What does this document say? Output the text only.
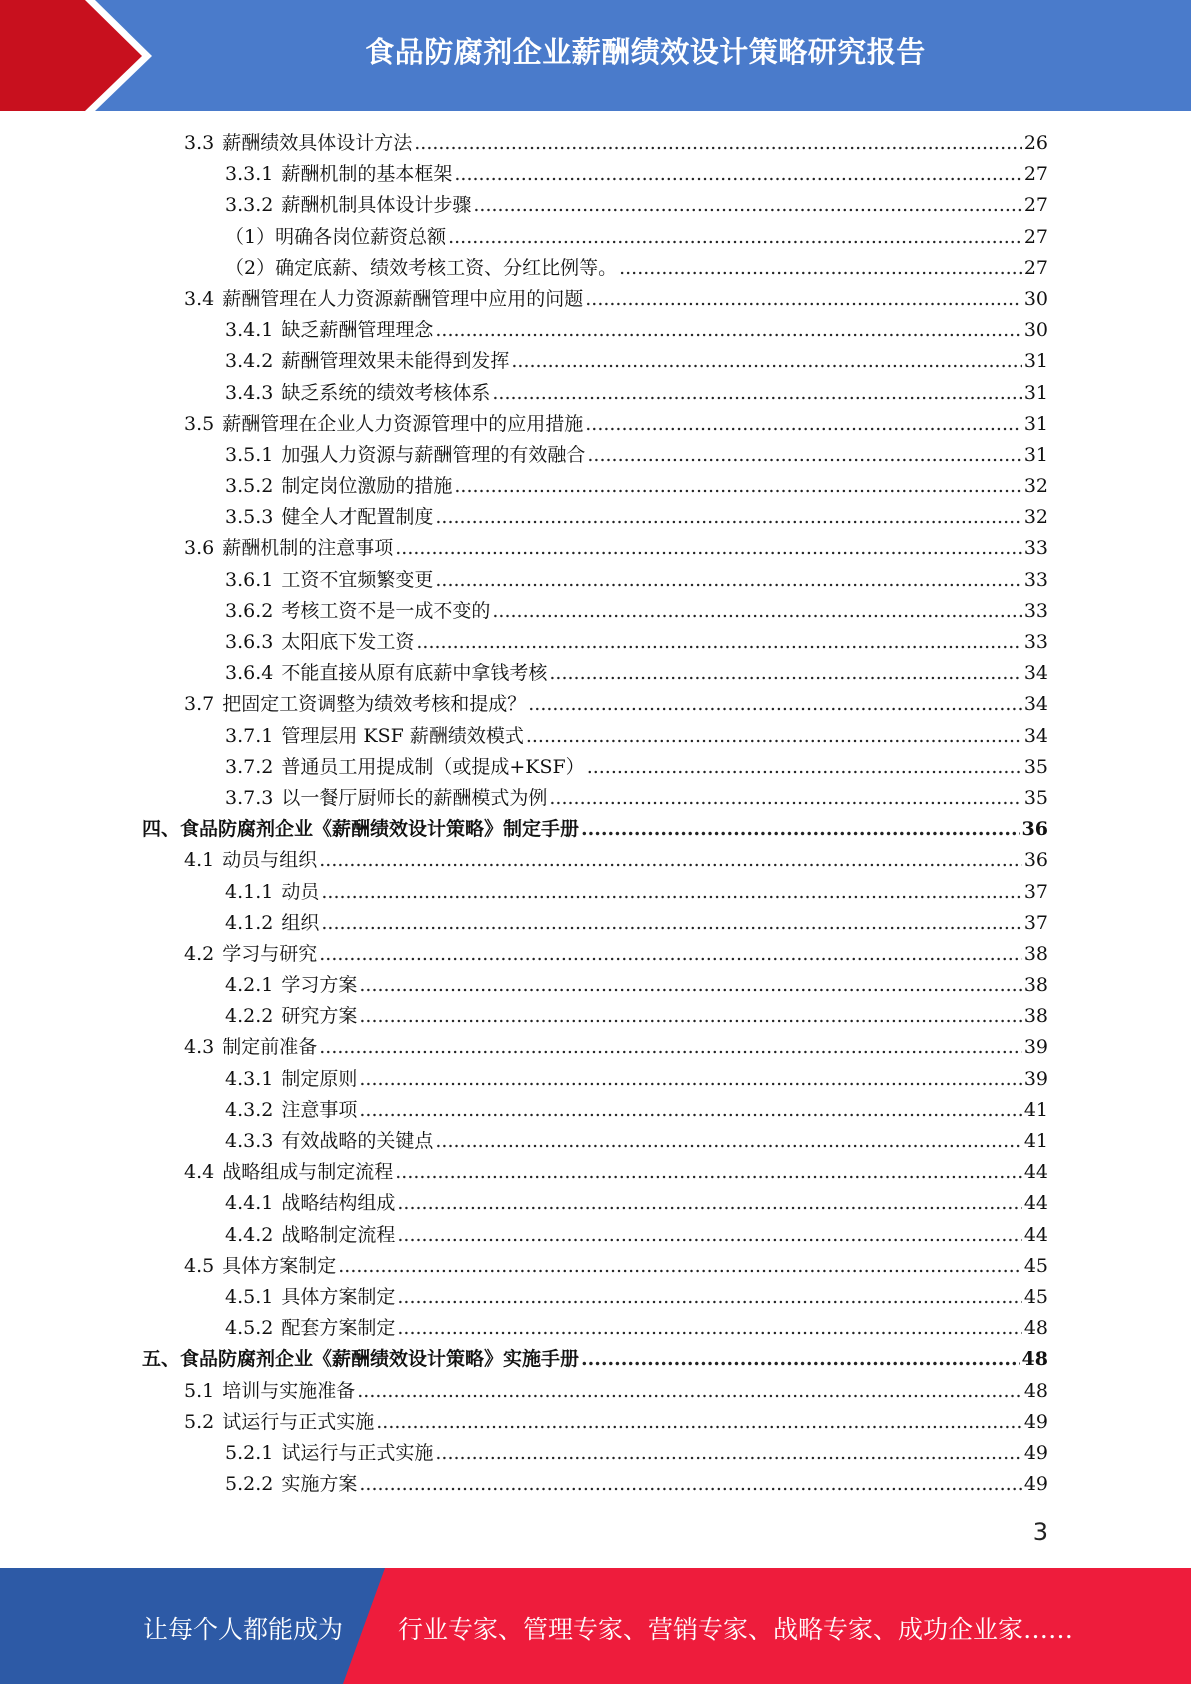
食品防腐剂企业薪酬绩效设计策略研究报告
3.3 薪酬绩效具体设计方法 .....	26
3.3.1 薪酬机制的基本框架 .....	27
3.3.2 薪酬机制具体设计步骤 .....	27
（1）明确各岗位薪资总额 .....	27
（2）确定底薪、绩效考核工资、分红比例等。 .....	27
3.4 薪酬管理在人力资源薪酬管理中应用的问题 .....	30
3.4.1 缺乏薪酬管理理念 .....	30
3.4.2 薪酬管理效果未能得到发挥 .....	31
3.4.3 缺乏系统的绩效考核体系 .....	31
3.5 薪酬管理在企业人力资源管理中的应用措施 .....	31
3.5.1 加强人力资源与薪酬管理的有效融合 .....	31
3.5.2 制定岗位激励的措施 .....	32
3.5.3 健全人才配置制度 .....	32
3.6 薪酬机制的注意事项 .....	33
3.6.1 工资不宜频繁变更 .....	33
3.6.2 考核工资不是一成不变的 .....	33
3.6.3 太阳底下发工资 .....	33
3.6.4 不能直接从原有底薪中拿钱考核 .....	34
3.7 把固定工资调整为绩效考核和提成？ .....	34
3.7.1 管理层用 KSF 薪酬绩效模式 .....	34
3.7.2 普通员工用提成制（或提成+KSF） .....	35
3.7.3 以一餐厅厨师长的薪酬模式为例 .....	35
四、食品防腐剂企业《薪酬绩效设计策略》制定手册 .....	36
4.1 动员与组织 .....	36
4.1.1 动员 .....	37
4.1.2 组织 .....	37
4.2 学习与研究 .....	38
4.2.1 学习方案 .....	38
4.2.2 研究方案 .....	38
4.3 制定前准备 .....	39
4.3.1 制定原则 .....	39
4.3.2 注意事项 .....	41
4.3.3 有效战略的关键点 .....	41
4.4 战略组成与制定流程 .....	44
4.4.1 战略结构组成 .....	44
4.4.2 战略制定流程 .....	44
4.5 具体方案制定 .....	45
4.5.1 具体方案制定 .....	45
4.5.2 配套方案制定 .....	48
五、食品防腐剂企业《薪酬绩效设计策略》实施手册 .....	48
5.1 培训与实施准备 .....	48
5.2 试运行与正式实施 .....	49
5.2.1 试运行与正式实施 .....	49
5.2.2 实施方案 .....	49
3
让每个人都能成为 行业专家、管理专家、营销专家、战略专家、成功企业家……
